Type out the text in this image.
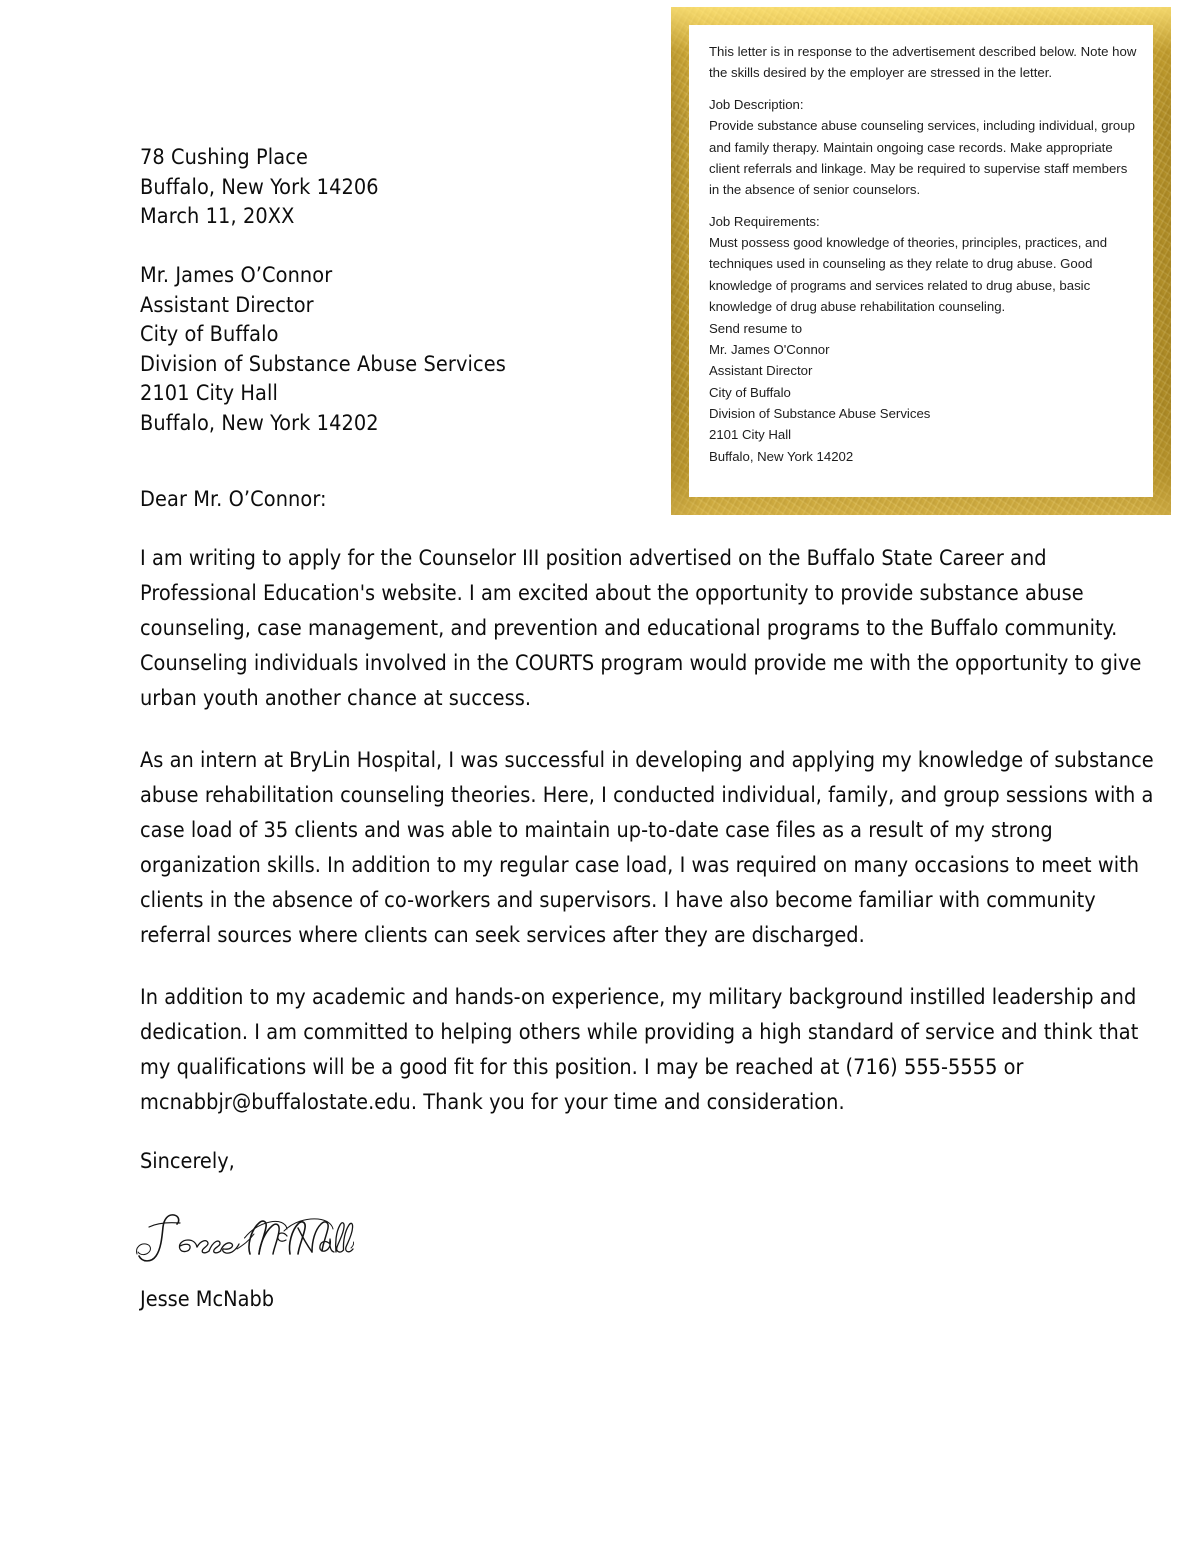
This letter is in response to the advertisement described below. Note how the skills desired by the employer are stressed in the letter.

Job Description:
Provide substance abuse counseling services, including individual, group and family therapy. Maintain ongoing case records. Make appropriate client referrals and linkage. May be required to supervise staff members in the absence of senior counselors.

Job Requirements:
Must possess good knowledge of theories, principles, practices, and techniques used in counseling as they relate to drug abuse. Good knowledge of programs and services related to drug abuse, basic knowledge of drug abuse rehabilitation counseling.
Send resume to
Mr. James O'Connor
Assistant Director
City of Buffalo
Division of Substance Abuse Services
2101 City Hall
Buffalo, New York 14202

78 Cushing Place
Buffalo, New York 14206
March 11, 20XX
Mr. James O’Connor
Assistant Director
City of Buffalo
Division of Substance Abuse Services
2101 City Hall
Buffalo, New York 14202
Dear Mr. O’Connor:

I am writing to apply for the Counselor III position advertised on the Buffalo State Career and Professional Education's website. I am excited about the opportunity to provide substance abuse counseling, case management, and prevention and educational programs to the Buffalo community. Counseling individuals involved in the COURTS program would provide me with the opportunity to give urban youth another chance at success.

As an intern at BryLin Hospital, I was successful in developing and applying my knowledge of substance abuse rehabilitation counseling theories. Here, I conducted individual, family, and group sessions with a case load of 35 clients and was able to maintain up-to-date case files as a result of my strong organization skills. In addition to my regular case load, I was required on many occasions to meet with clients in the absence of co-workers and supervisors. I have also become familiar with community referral sources where clients can seek services after they are discharged.

In addition to my academic and hands-on experience, my military background instilled leadership and dedication. I am committed to helping others while providing a high standard of service and think that my qualifications will be a good fit for this position. I may be reached at (716) 555-5555 or mcnabbjr@buffalostate.edu. Thank you for your time and consideration.

Sincerely,
Jesse McNabb
